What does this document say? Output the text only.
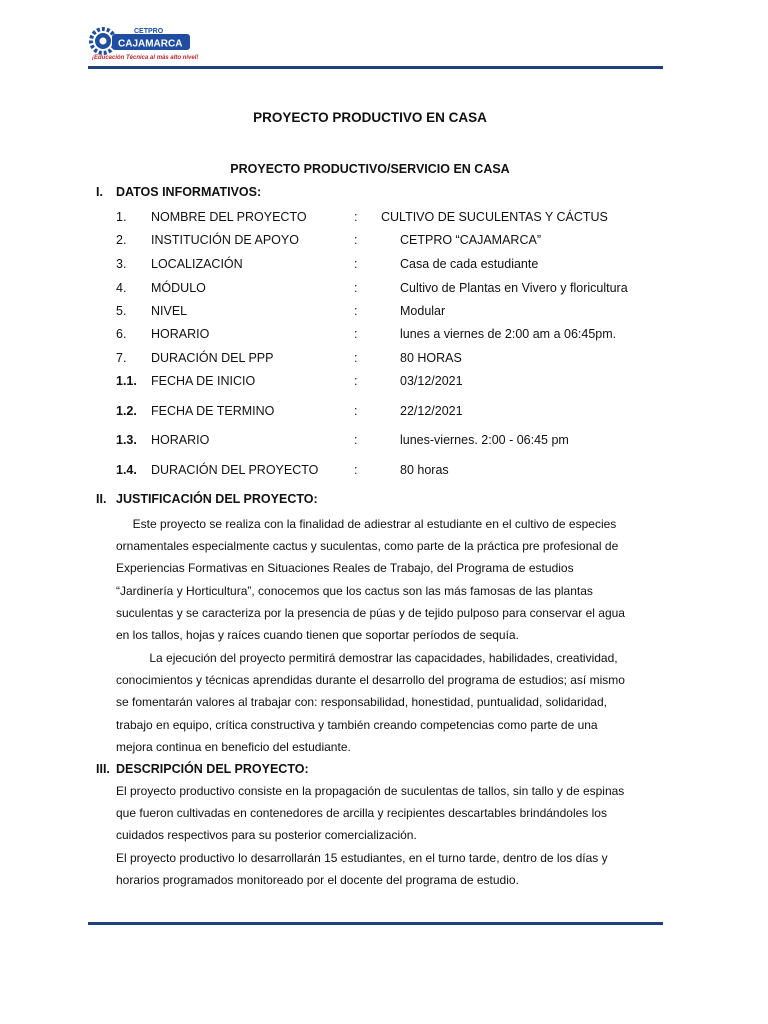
CETPRO
CAJAMARCA
¡Educación Técnica al más alto nivel!
PROYECTO PRODUCTIVO EN CASA
PROYECTO PRODUCTIVO/SERVICIO EN CASA
I. DATOS INFORMATIVOS:
1. NOMBRE DEL PROYECTO	: CULTIVO DE SUCULENTAS Y CÁCTUS
2. INSTITUCIÓN DE APOYO	:	CETPRO “CAJAMARCA”
3. LOCALIZACIÓN	:	Casa de cada estudiante
4. MÓDULO	:	Cultivo de Plantas en Vivero y floricultura
5. NIVEL	:	Modular
6. HORARIO	:	lunes a viernes de 2:00 am a 06:45pm.
7. DURACIÓN DEL PPP	:	80 HORAS
1.1. FECHA DE INICIO	:	03/12/2021
1.2. FECHA DE TERMINO	:	22/12/2021
1.3. HORARIO	:	lunes-viernes. 2:00 - 06:45 pm
1.4. DURACIÓN DEL PROYECTO	:	80 horas
II. JUSTIFICACIÓN DEL PROYECTO:

Este proyecto se realiza con la finalidad de adiestrar al estudiante en el cultivo de especies
ornamentales especialmente cactus y suculentas, como parte de la práctica pre profesional de
Experiencias Formativas en Situaciones Reales de Trabajo, del Programa de estudios
“Jardinería y Horticultura”, conocemos que los cactus son las más famosas de las plantas
suculentas y se caracteriza por la presencia de púas y de tejido pulposo para conservar el agua
en los tallos, hojas y raíces cuando tienen que soportar períodos de sequía.

La ejecución del proyecto permitirá demostrar las capacidades, habilidades, creatividad,
conocimientos y técnicas aprendidas durante el desarrollo del programa de estudios; así mismo
se fomentarán valores al trabajar con: responsabilidad, honestidad, puntualidad, solidaridad,
trabajo en equipo, crítica constructiva y también creando competencias como parte de una
mejora continua en beneficio del estudiante.

III. DESCRIPCIÓN DEL PROYECTO:

El proyecto productivo consiste en la propagación de suculentas de tallos, sin tallo y de espinas
que fueron cultivadas en contenedores de arcilla y recipientes descartables brindándoles los
cuidados respectivos para su posterior comercialización.

El proyecto productivo lo desarrollarán 15 estudiantes, en el turno tarde, dentro de los días y
horarios programados monitoreado por el docente del programa de estudio.
